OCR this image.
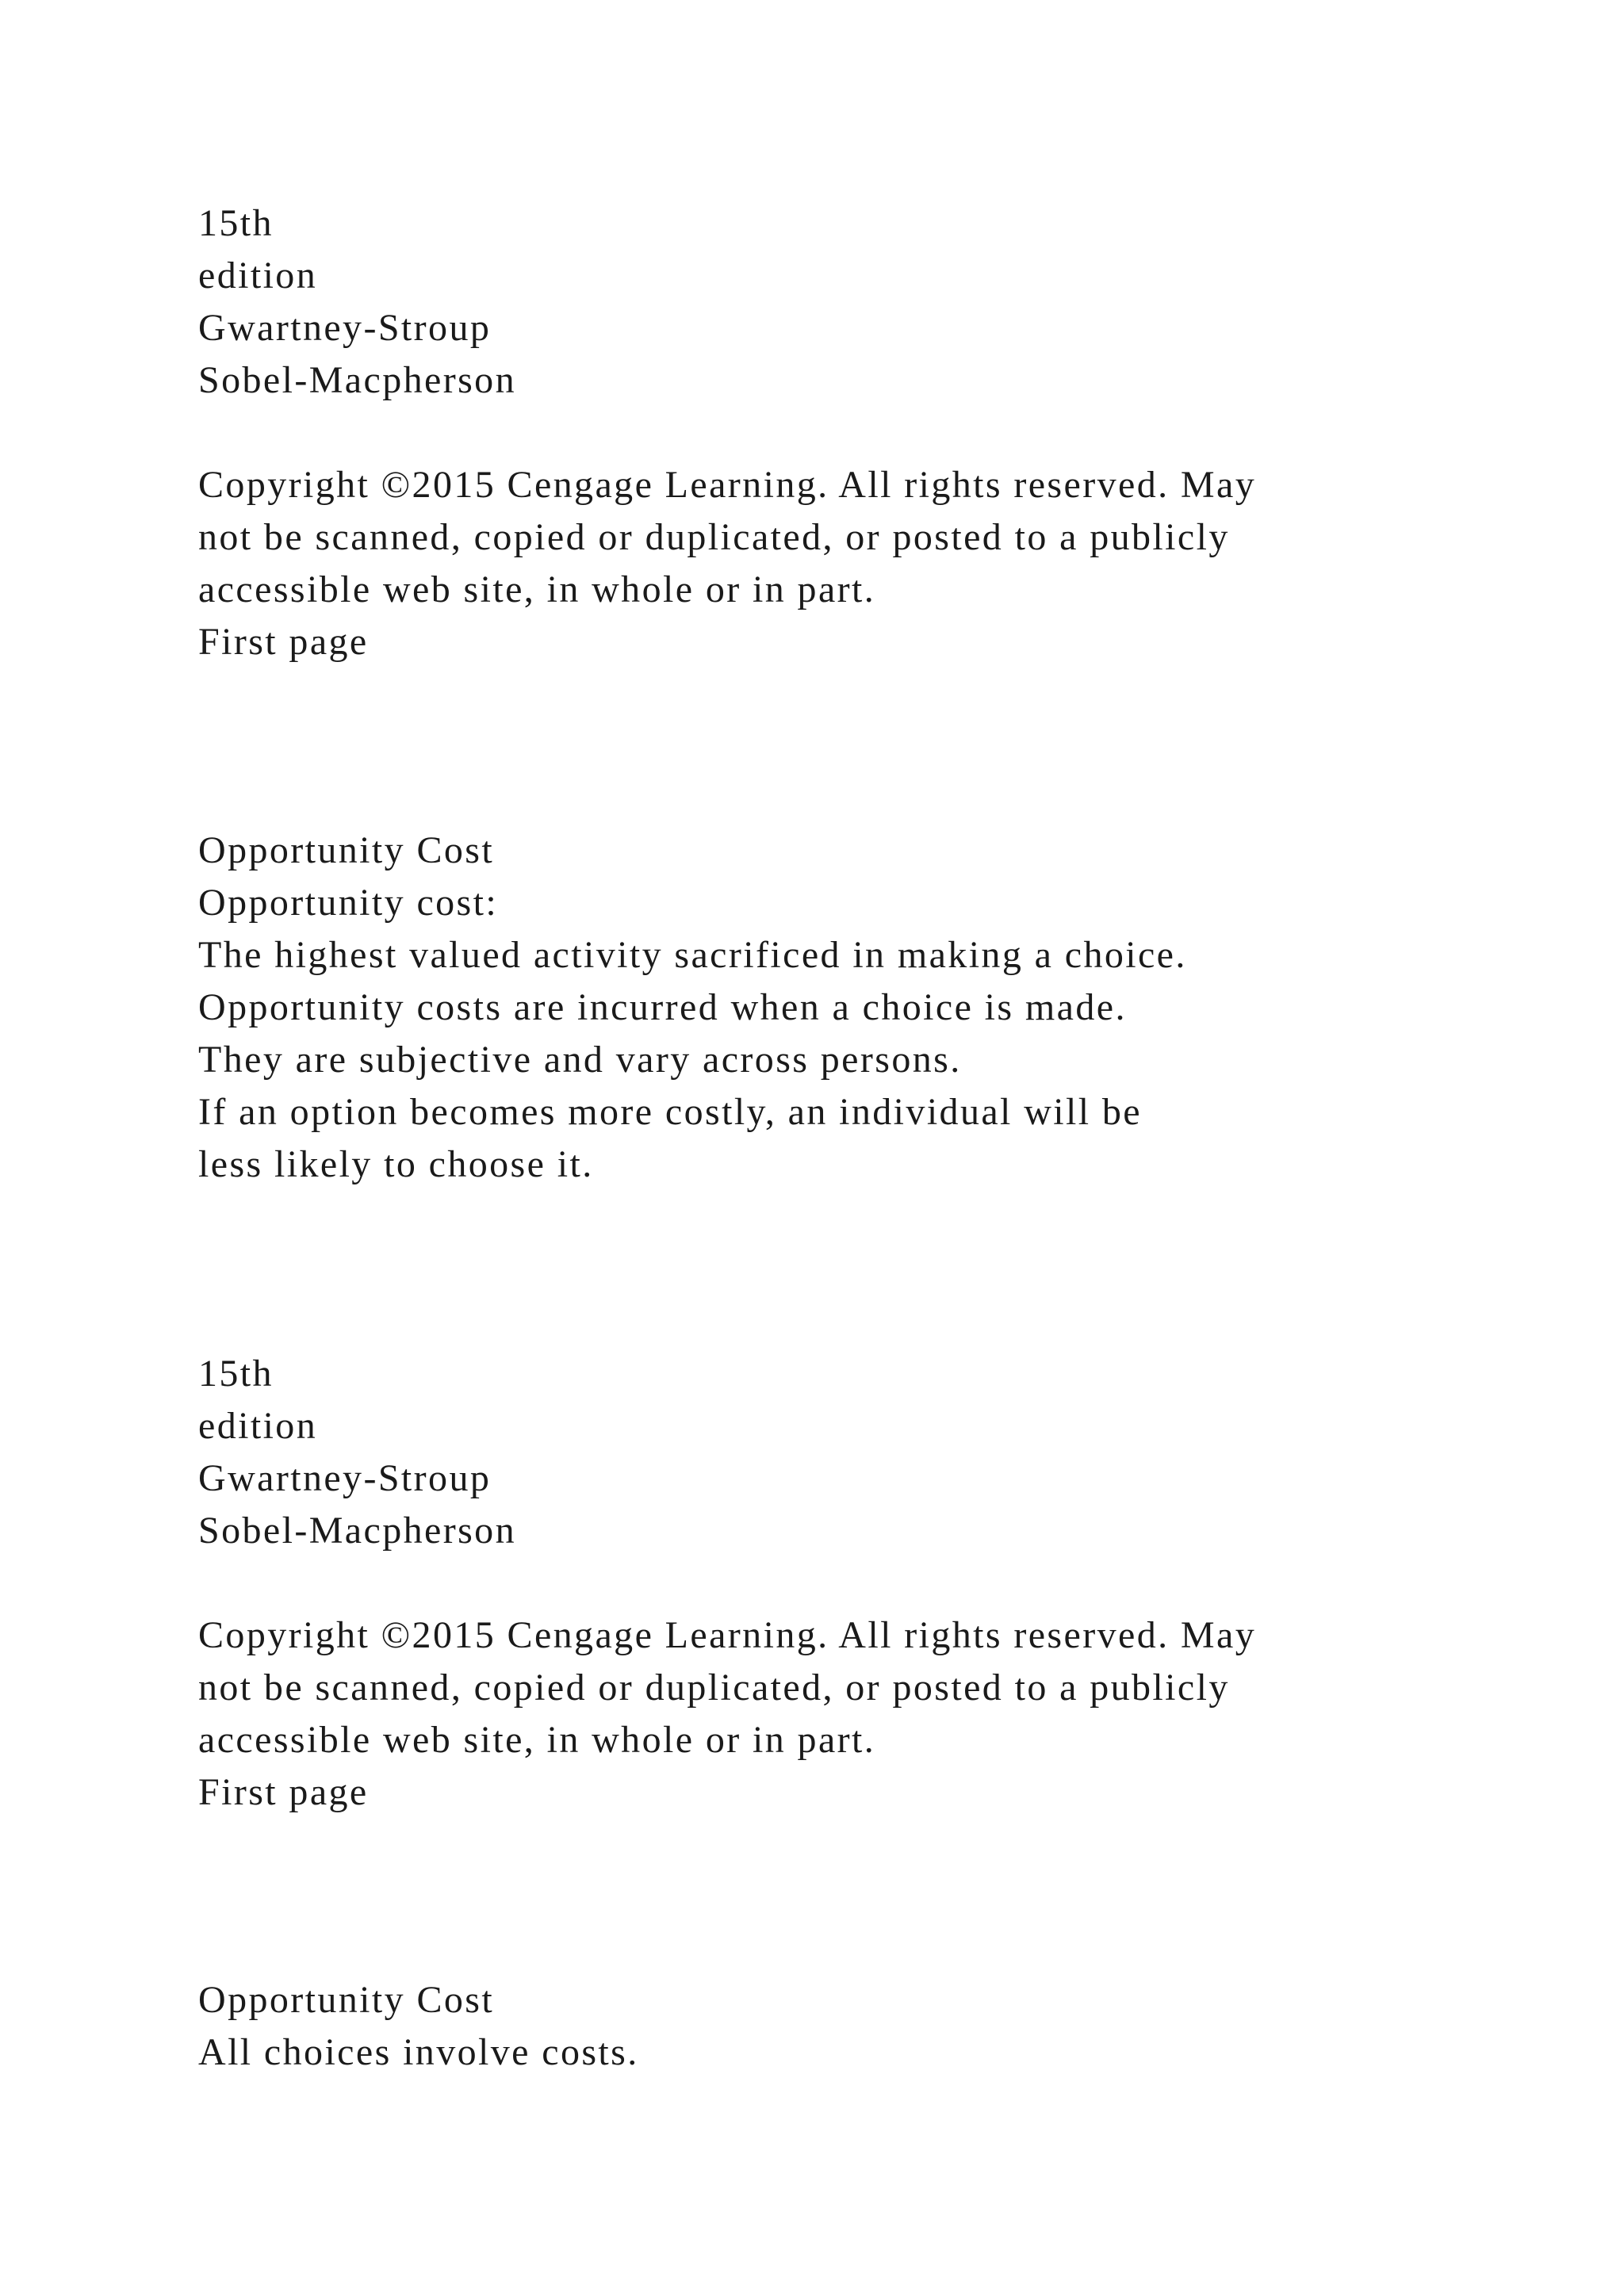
15th
edition
Gwartney-Stroup
Sobel-Macpherson
Copyright ©2015 Cengage Learning. All rights reserved. May
not be scanned, copied or duplicated, or posted to a publicly
accessible web site, in whole or in part.
First page
Opportunity Cost
Opportunity cost:
The highest valued activity sacrificed in making a choice.
Opportunity costs are incurred when a choice is made.
They are subjective and vary across persons.
If an option becomes more costly, an individual will be
less likely to choose it.
15th
edition
Gwartney-Stroup
Sobel-Macpherson
Copyright ©2015 Cengage Learning. All rights reserved. May
not be scanned, copied or duplicated, or posted to a publicly
accessible web site, in whole or in part.
First page
Opportunity Cost
All choices involve costs.
